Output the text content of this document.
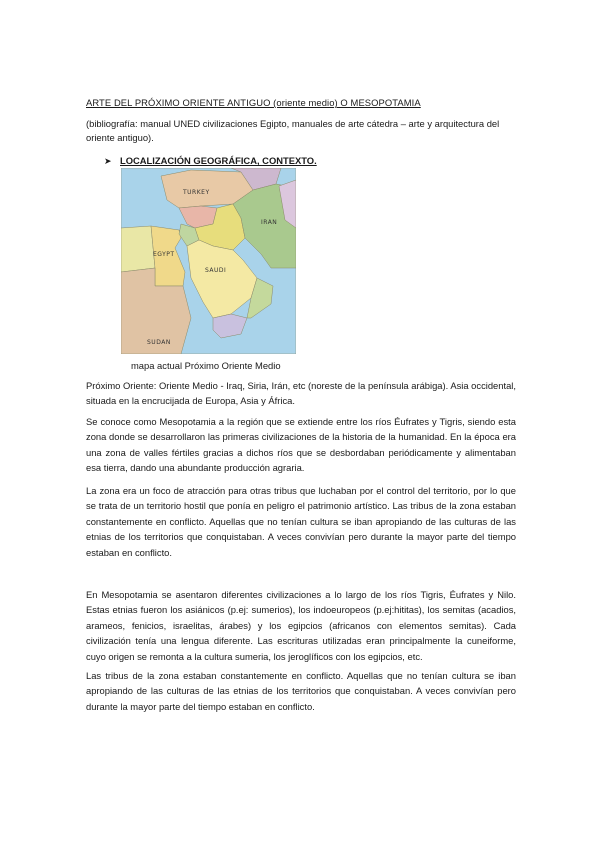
ARTE DEL PRÓXIMO ORIENTE ANTIGUO (oriente medio) O MESOPOTAMIA
(bibliografía: manual UNED civilizaciones Egipto, manuales de arte cátedra – arte y arquitectura del oriente antiguo).
➤ LOCALIZACIÓN GEOGRÁFICA, CONTEXTO.
TURKEY
IRAN
EGYPT
SAUDI
SUDAN
mapa actual Próximo Oriente Medio

Próximo Oriente: Oriente Medio - Iraq, Siria, Irán, etc (noreste de la península arábiga). Asia occidental, situada en la encrucijada de Europa, Asia y África.

Se conoce como Mesopotamia a la región que se extiende entre los ríos Éufrates y Tigris, siendo esta zona donde se desarrollaron las primeras civilizaciones de la historia de la humanidad. En la época era una zona de valles fértiles gracias a dichos ríos que se desbordaban periódicamente y alimentaban esa tierra, dando una abundante producción agraria.

La zona era un foco de atracción para otras tribus que luchaban por el control del territorio, por lo que se trata de un territorio hostil que ponía en peligro el patrimonio artístico. Las tribus de la zona estaban constantemente en conflicto. Aquellas que no tenían cultura se iban apropiando de las culturas de las etnias de los territorios que conquistaban. A veces convivían pero durante la mayor parte del tiempo estaban en conflicto.

En Mesopotamia se asentaron diferentes civilizaciones a lo largo de los ríos Tigris, Éufrates y Nilo. Estas etnias fueron los asiánicos (p.ej: sumerios), los indoeuropeos (p.ej:hititas), los semitas (acadios, arameos, fenicios, israelitas, árabes) y los egipcios (africanos con elementos semitas). Cada civilización tenía una lengua diferente. Las escrituras utilizadas eran principalmente la cuneiforme, cuyo origen se remonta a la cultura sumeria, los jeroglíficos con los egipcios, etc.

Las tribus de la zona estaban constantemente en conflicto. Aquellas que no tenían cultura se iban apropiando de las culturas de las etnias de los territorios que conquistaban. A veces convivían pero durante la mayor parte del tiempo estaban en conflicto.
